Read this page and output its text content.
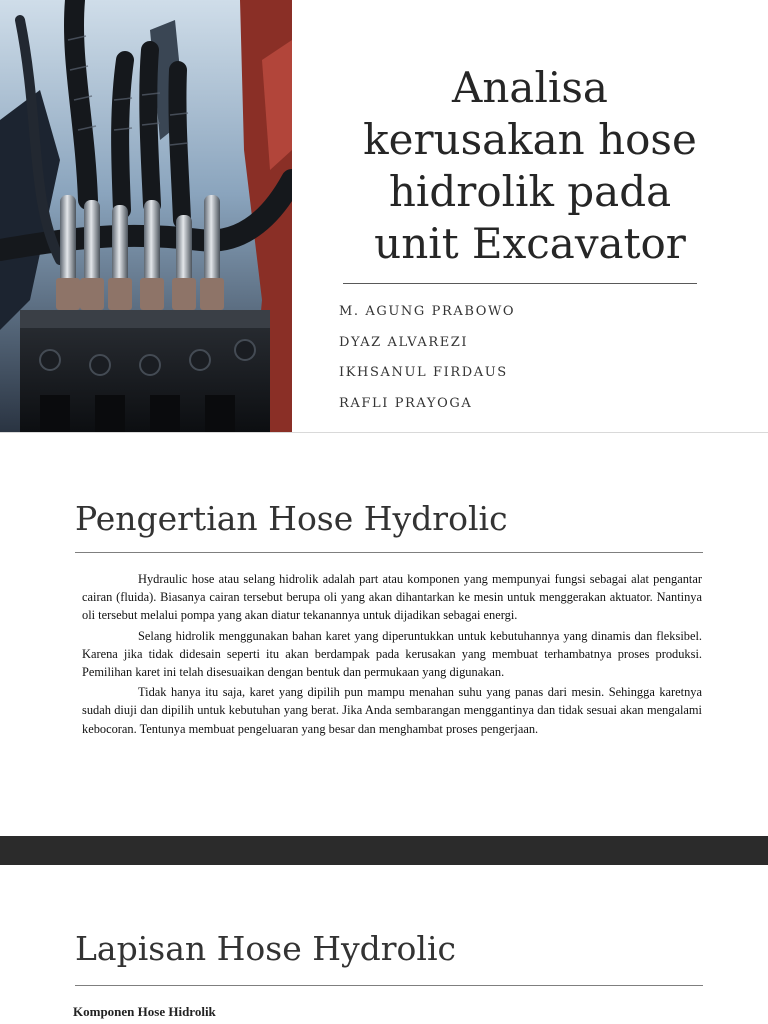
Analisa
kerusakan hose
hidrolik pada
unit Excavator
M. AGUNG PRABOWO
DYAZ ALVAREZI
IKHSANUL FIRDAUS
RAFLI PRAYOGA
Pengertian Hose Hydrolic

Hydraulic hose atau selang hidrolik adalah part atau komponen yang mempunyai fungsi sebagai alat pengantar cairan (fluida). Biasanya cairan tersebut berupa oli yang akan dihantarkan ke mesin untuk menggerakan aktuator. Nantinya oli tersebut melalui pompa yang akan diatur tekanannya untuk dijadikan sebagai energi.

Selang hidrolik menggunakan bahan karet yang diperuntukkan untuk kebutuhannya yang dinamis dan fleksibel. Karena jika tidak didesain seperti itu akan berdampak pada kerusakan yang membuat terhambatnya proses produksi. Pemilihan karet ini telah disesuaikan dengan bentuk dan permukaan yang digunakan.

Tidak hanya itu saja, karet yang dipilih pun mampu menahan suhu yang panas dari mesin. Sehingga karetnya sudah diuji dan dipilih untuk kebutuhan yang berat. Jika Anda sembarangan menggantinya dan tidak sesuai akan mengalami kebocoran. Tentunya membuat pengeluaran yang besar dan menghambat proses pengerjaan.

Lapisan Hose Hydrolic

Komponen Hose Hidrolik
